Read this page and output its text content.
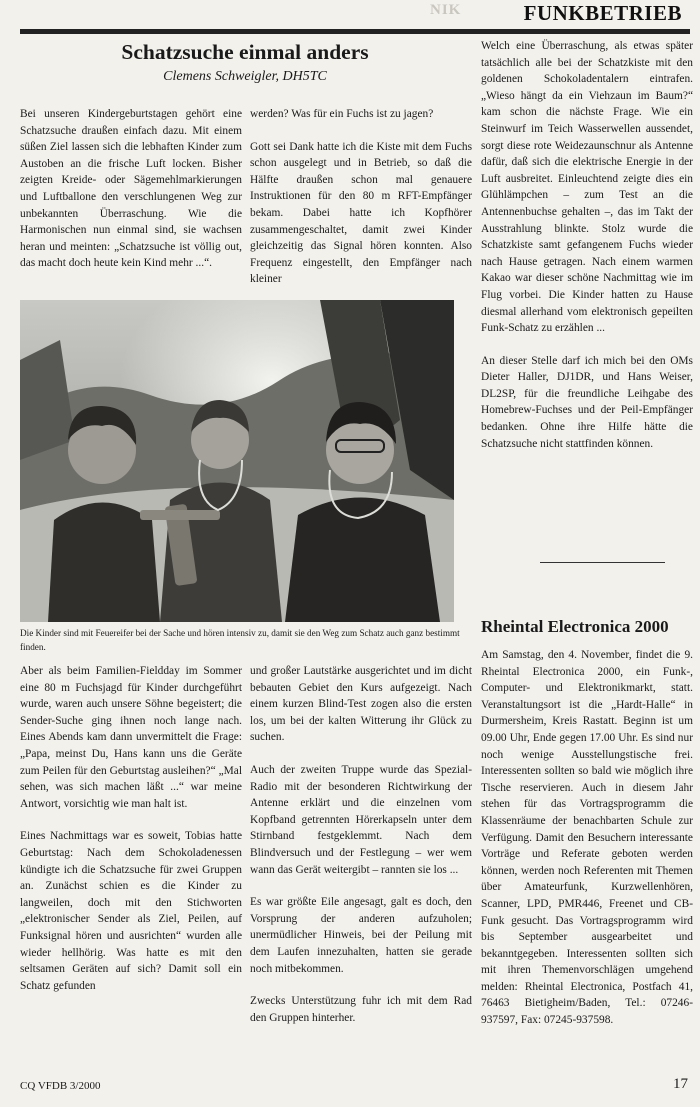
NIK	FUNKBETRIEB
Schatzsuche einmal anders
Clemens Schweigler, DH5TC

Bei unseren Kindergeburtstagen gehört eine Schatzsuche draußen einfach dazu. Mit einem süßen Ziel lassen sich die lebhaften Kinder zum Austoben an die frische Luft locken. Bisher zeigten Kreide- oder Sägemehlmarkierungen und Luftballone den verschlungenen Weg zur unbekannten Überraschung. Wie die Harmonischen nun einmal sind, sie wachsen heran und meinten: „Schatzsuche ist völlig out, das macht doch heute kein Kind mehr ...“.

werden? Was für ein Fuchs ist zu jagen?

Gott sei Dank hatte ich die Kiste mit dem Fuchs schon ausgelegt und in Betrieb, so daß die Hälfte draußen schon mal genauere Instruktionen für den 80 m RFT-Empfänger bekam. Dabei hatte ich Kopfhörer zusammengeschaltet, damit zwei Kinder gleichzeitig das Signal hören konnten. Also Frequenz eingestellt, den Empfänger nach kleiner

Die Kinder sind mit Feuereifer bei der Sache und hören intensiv zu, damit sie den Weg zum Schatz auch ganz bestimmt finden.

Aber als beim Familien-Fieldday im Sommer eine 80 m Fuchsjagd für Kinder durchgeführt wurde, waren auch unsere Söhne begeistert; die Sender-Suche ging ihnen noch lange nach. Eines Abends kam dann unvermittelt die Frage: „Papa, meinst Du, Hans kann uns die Geräte zum Peilen für den Geburtstag ausleihen?“ „Mal sehen, was sich machen läßt ...“ war meine Antwort, vorsichtig wie man halt ist.

Eines Nachmittags war es soweit, Tobias hatte Geburtstag: Nach dem Schokoladenessen kündigte ich die Schatzsuche für zwei Gruppen an. Zunächst schien es die Kinder zu langweilen, doch mit den Stichworten „elektronischer Sender als Ziel, Peilen, auf Funksignal hören und ausrichten“ wurden alle wieder hellhörig. Was hatte es mit den seltsamen Geräten auf sich? Damit soll ein Schatz gefunden

und großer Lautstärke ausgerichtet und im dicht bebauten Gebiet den Kurs aufgezeigt. Nach einem kurzen Blind-Test zogen also die ersten los, um bei der kalten Witterung ihr Glück zu suchen.

Auch der zweiten Truppe wurde das Spezial-Radio mit der besonderen Richtwirkung der Antenne erklärt und die einzelnen vom Kopfband getrennten Hörerkapseln unter dem Stirnband festgeklemmt. Nach dem Blindversuch und der Festlegung – wer wem wann das Gerät weitergibt – rannten sie los ...

Es war größte Eile angesagt, galt es doch, den Vorsprung der anderen aufzuholen; unermüdlicher Hinweis, bei der Peilung mit dem Laufen innezuhalten, hatten sie gerade noch mitbekommen.

Zwecks Unterstützung fuhr ich mit dem Rad den Gruppen hinterher.

Welch eine Überraschung, als etwas später tatsächlich alle bei der Schatzkiste mit den goldenen Schokoladentalern eintrafen. „Wieso hängt da ein Viehzaun im Baum?“ kam schon die nächste Frage. Wie ein Steinwurf im Teich Wasserwellen aussendet, sorgt diese rote Weidezaunschnur als Antenne dafür, daß sich die elektrische Energie in der Luft ausbreitet. Einleuchtend zeigte dies ein Glühlämpchen – zum Test an die Antennenbuchse gehalten –, das im Takt der Ausstrahlung blinkte. Stolz wurde die Schatzkiste samt gefangenem Fuchs wieder nach Hause getragen. Nach einem warmen Kakao war dieser schöne Nachmittag wie im Flug vorbei. Die Kinder hatten zu Hause diesmal allerhand vom elektronisch gepeilten Funk-Schatz zu erzählen ...

An dieser Stelle darf ich mich bei den OMs Dieter Haller, DJ1DR, und Hans Weiser, DL2SP, für die freundliche Leihgabe des Homebrew-Fuchses und der Peil-Empfänger bedanken. Ohne ihre Hilfe hätte die Schatzsuche nicht stattfinden können.

Rheintal Electronica 2000

Am Samstag, den 4. November, findet die 9. Rheintal Electronica 2000, ein Funk-, Computer- und Elektronikmarkt, statt. Veranstaltungsort ist die „Hardt-Halle“ in Durmersheim, Kreis Rastatt. Beginn ist um 09.00 Uhr, Ende gegen 17.00 Uhr. Es sind nur noch wenige Ausstellungstische frei. Interessenten sollten so bald wie möglich ihre Tische reservieren. Auch in diesem Jahr stehen für das Vortragsprogramm die Klassenräume der benachbarten Schule zur Verfügung. Damit den Besuchern interessante Vorträge und Referate geboten werden können, werden noch Referenten mit Themen über Amateurfunk, Kurzwellenhören, Scanner, LPD, PMR446, Freenet und CB-Funk gesucht. Das Vortragsprogramm wird bis September ausgearbeitet und bekanntgegeben. Interessenten sollten sich mit ihren Themenvorschlägen umgehend melden: Rheintal Electronica, Postfach 41, 76463 Bietigheim/Baden, Tel.: 07246-937597, Fax: 07245-937598.

CQ VFDB 3/2000	17
